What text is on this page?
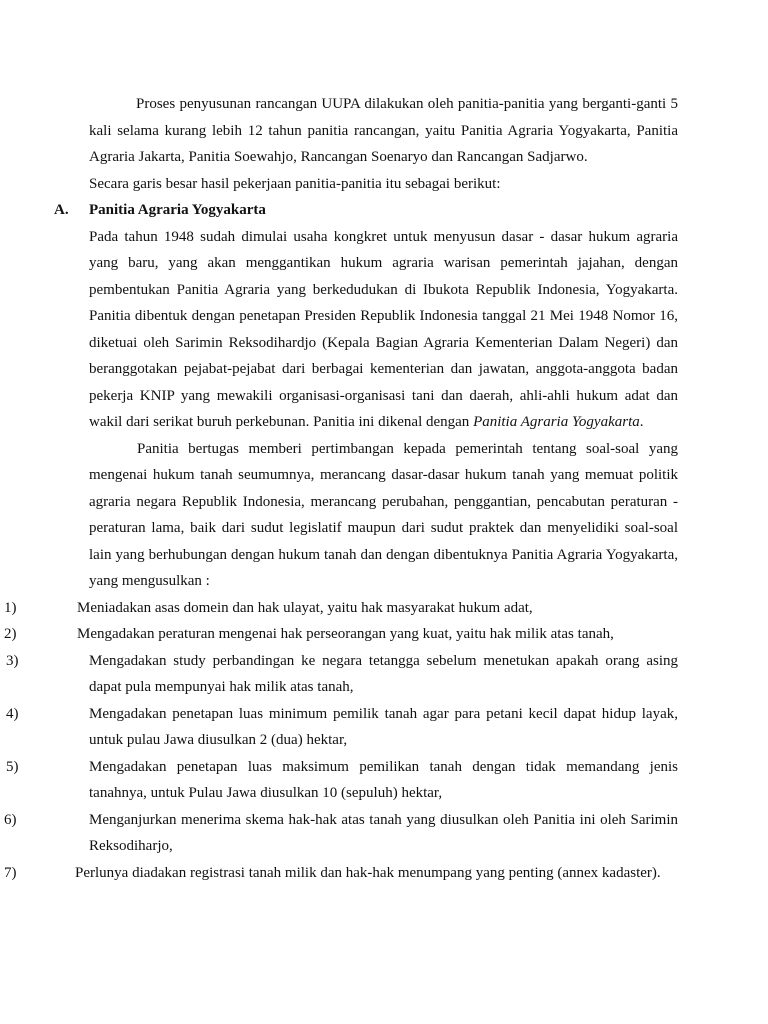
Proses penyusunan rancangan UUPA dilakukan oleh panitia-panitia yang berganti-ganti 5 kali selama kurang lebih 12 tahun panitia rancangan, yaitu Panitia Agraria Yogyakarta, Panitia Agraria Jakarta, Panitia Soewahjo, Rancangan Soenaryo dan Rancangan Sadjarwo.

Secara garis besar hasil pekerjaan panitia-panitia itu sebagai berikut:

A. Panitia Agraria Yogyakarta

Pada tahun 1948 sudah dimulai usaha kongkret untuk menyusun dasar - dasar hukum agraria yang baru, yang akan menggantikan hukum agraria warisan pemerintah jajahan, dengan pembentukan Panitia Agraria yang berkedudukan di Ibukota Republik Indonesia, Yogyakarta. Panitia dibentuk dengan penetapan Presiden Republik Indonesia tanggal 21 Mei 1948 Nomor 16, diketuai oleh Sarimin Reksodihardjo (Kepala Bagian Agraria Kementerian Dalam Negeri) dan beranggotakan pejabat-pejabat dari berbagai kementerian dan jawatan, anggota-anggota badan pekerja KNIP yang mewakili organisasi-organisasi tani dan daerah, ahli-ahli hukum adat dan wakil dari serikat buruh perkebunan. Panitia ini dikenal dengan Panitia Agraria Yogyakarta.

Panitia bertugas memberi pertimbangan kepada pemerintah tentang soal-soal yang mengenai hukum tanah seumumnya, merancang dasar-dasar hukum tanah yang memuat politik agraria negara Republik Indonesia, merancang perubahan, penggantian, pencabutan peraturan - peraturan lama, baik dari sudut legislatif maupun dari sudut praktek dan menyelidiki soal-soal lain yang berhubungan dengan hukum tanah dan dengan dibentuknya Panitia Agraria Yogyakarta, yang mengusulkan :

1)	Meniadakan asas domein dan hak ulayat, yaitu hak masyarakat hukum adat,
2)	Mengadakan peraturan mengenai hak perseorangan yang kuat, yaitu hak milik atas tanah,
3)	Mengadakan study perbandingan ke negara tetangga sebelum menetukan apakah orang asing dapat pula mempunyai hak milik atas tanah,
4)	Mengadakan penetapan luas minimum pemilik tanah agar para petani kecil dapat hidup layak, untuk pulau Jawa diusulkan 2 (dua) hektar,
5)	Mengadakan penetapan luas maksimum pemilikan tanah dengan tidak memandang jenis tanahnya, untuk Pulau Jawa diusulkan 10 (sepuluh) hektar,
6)	Menganjurkan menerima skema hak-hak atas tanah yang diusulkan oleh Panitia ini oleh Sarimin Reksodiharjo,
7)	Perlunya diadakan registrasi tanah milik dan hak-hak menumpang yang penting (annex kadaster).
